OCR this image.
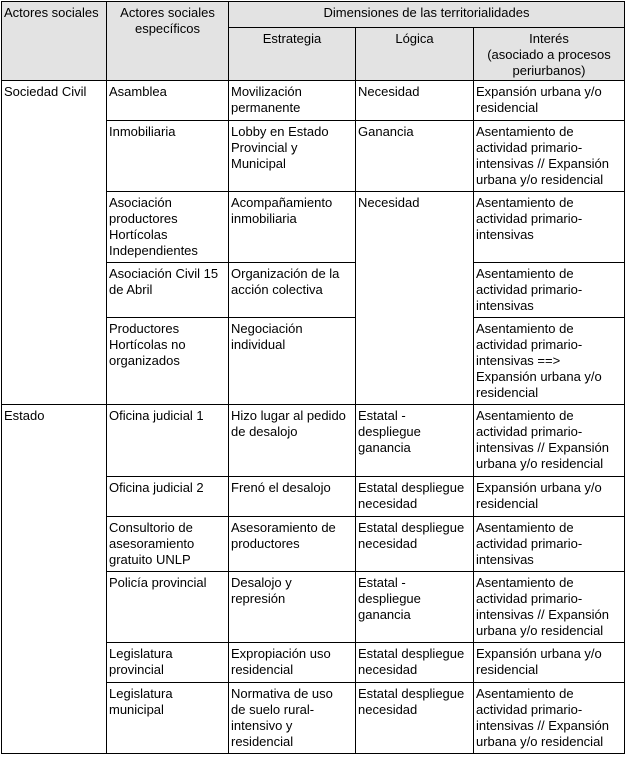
Actores sociales	Actores sociales
específicos	Dimensiones de las territorialidades		
		Estrategia	Lógica	Interés
(asociado a procesos
periurbanos)
Sociedad Civil	Asamblea	Movilización
permanente	Necesidad	Expansión urbana y/o
residencial
	Inmobiliaria	Lobby en Estado
Provincial y
Municipal	Ganancia	Asentamiento de
actividad primario-
intensivas // Expansión
urbana y/o residencial
	Asociación
productores
Hortícolas
Independientes	Acompañamiento
inmobiliaria	Necesidad	Asentamiento de
actividad primario-
intensivas
	Asociación Civil 15
de Abril	Organización de la
acción colectiva		Asentamiento de
actividad primario-
intensivas
	Productores
Hortícolas no
organizados	Negociación
individual		Asentamiento de
actividad primario-
intensivas ==>
Expansión urbana y/o
residencial
Estado	Oficina judicial 1	Hizo lugar al pedido
de desalojo	Estatal -
despliegue
ganancia	Asentamiento de
actividad primario-
intensivas // Expansión
urbana y/o residencial
	Oficina judicial 2	Frenó el desalojo	Estatal despliegue
necesidad	Expansión urbana y/o
residencial
	Consultorio de
asesoramiento
gratuito UNLP	Asesoramiento de
productores	Estatal despliegue
necesidad	Asentamiento de
actividad primario-
intensivas
	Policía provincial	Desalojo y
represión	Estatal -
despliegue
ganancia	Asentamiento de
actividad primario-
intensivas // Expansión
urbana y/o residencial
	Legislatura
provincial	Expropiación uso
residencial	Estatal despliegue
necesidad	Expansión urbana y/o
residencial
	Legislatura
municipal	Normativa de uso
de suelo rural-
intensivo y
residencial	Estatal despliegue
necesidad	Asentamiento de
actividad primario-
intensivas // Expansión
urbana y/o residencial
